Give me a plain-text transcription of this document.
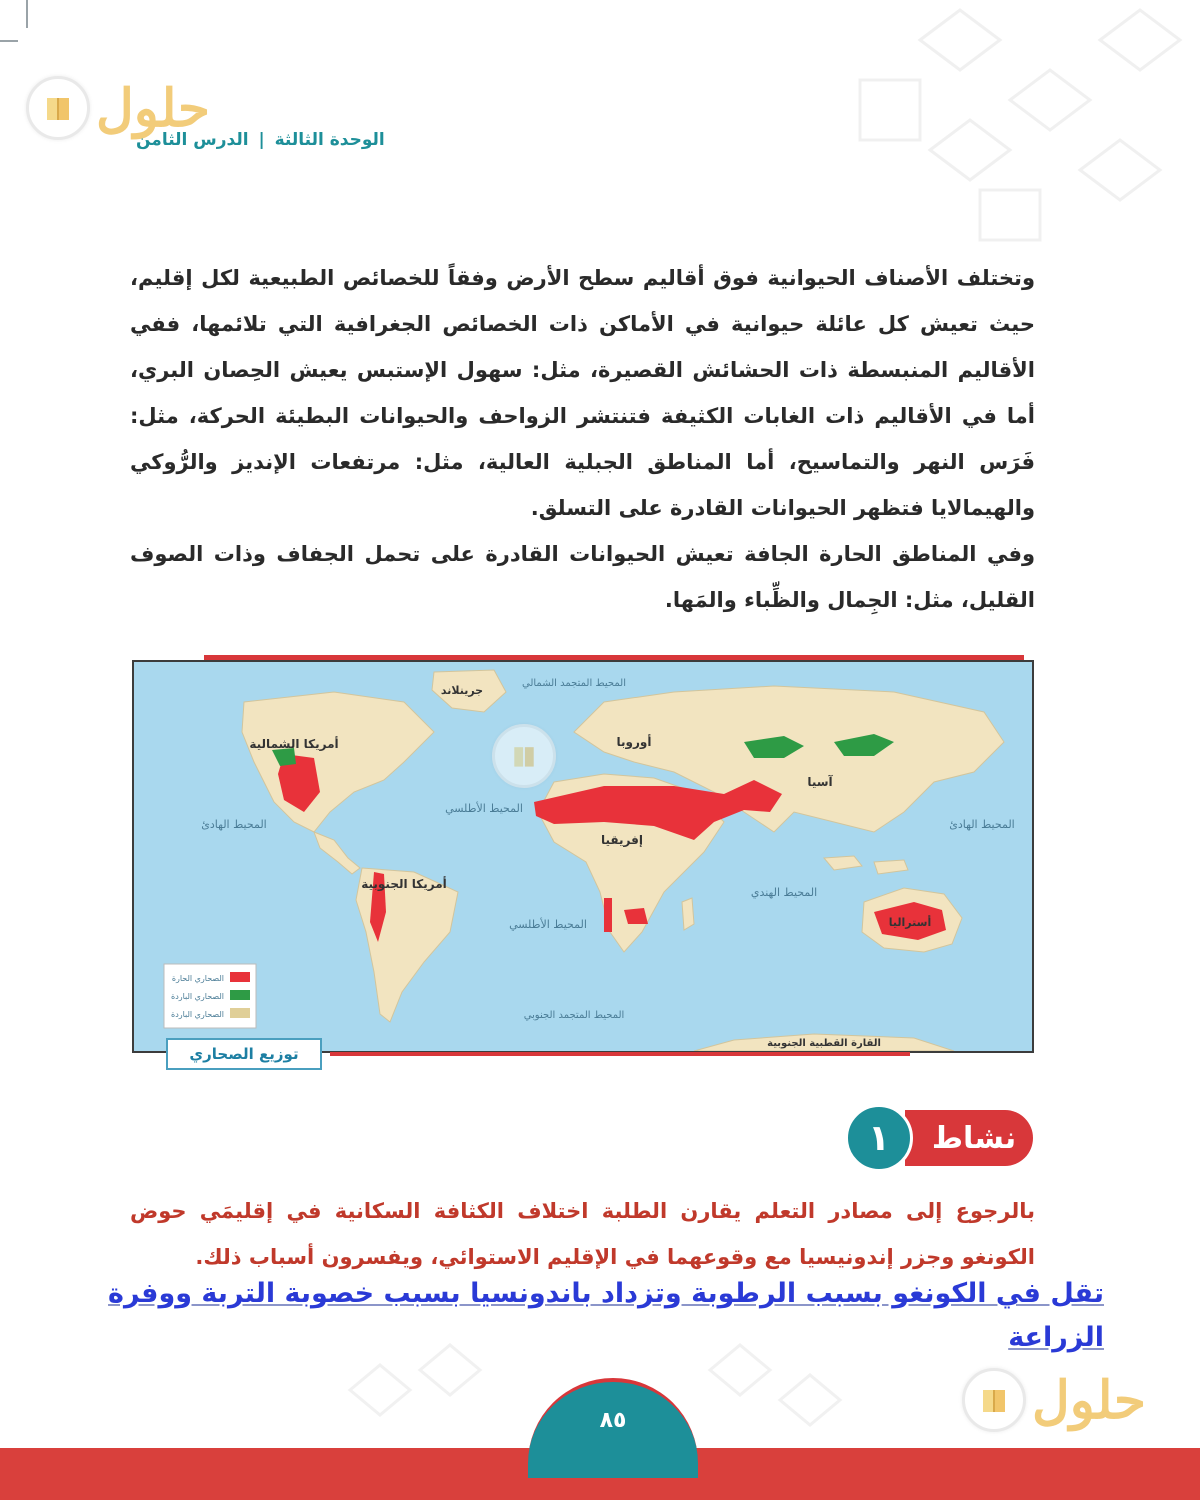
حلول
الوحدة الثالثة | الدرس الثامن

وتختلف الأصناف الحيوانية فوق أقاليم سطح الأرض وفقاً للخصائص الطبيعية لكل إقليم، حيث تعيش كل عائلة حيوانية في الأماكن ذات الخصائص الجغرافية التي تلائمها، ففي الأقاليم المنبسطة ذات الحشائش القصيرة، مثل: سهول الإستبس يعيش الحِصان البري، أما في الأقاليم ذات الغابات الكثيفة فتنتشر الزواحف والحيوانات البطيئة الحركة، مثل: فَرَس النهر والتماسيح، أما المناطق الجبلية العالية، مثل: مرتفعات الإنديز والرُّوكي والهيمالايا فتظهر الحيوانات القادرة على التسلق.

وفي المناطق الحارة الجافة تعيش الحيوانات القادرة على تحمل الجفاف وذات الصوف القليل، مثل: الجِمال والظِّباء والمَها.

أمريكا الشمالية
أمريكا الجنوبية
أوروبا
إفريقيا
آسيا
أستراليا
جرينلاند
القارة القطبية الجنوبية
المحيط المتجمد الشمالي
المحيط الهادئ	المحيط الهادئ
المحيط الأطلسي
المحيط الأطلسي
المحيط الهندي
المحيط المتجمد الجنوبي
الصحاري الحارة
الصحاري الباردة
الصحاري الباردة
توزيع الصحاري
نشاط
١
بالرجوع إلى مصادر التعلم يقارن الطلبة اختلاف الكثافة السكانية في إقليمَي حوض الكونغو وجزر إندونيسيا مع وقوعهما في الإقليم الاستوائي، ويفسرون أسباب ذلك.
تقل في الكونغو بسبب الرطوبة وتزداد باندونسيا بسبب خصوبة التربة ووفرة الزراعة
حلول
٨٥
